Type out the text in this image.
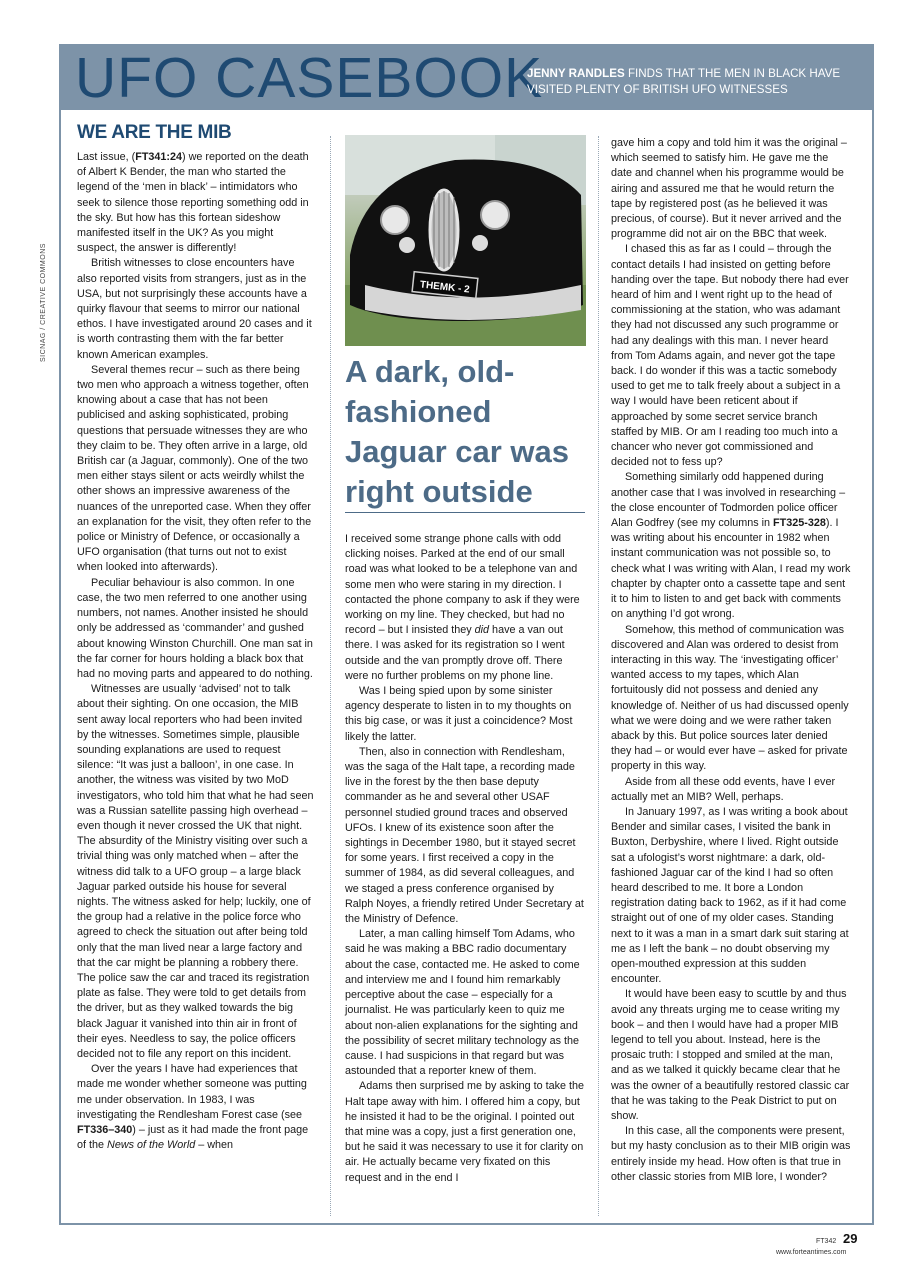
UFO CASEBOOK
JENNY RANDLES FINDS THAT THE MEN IN BLACK HAVE VISITED PLENTY OF BRITISH UFO WITNESSES
SICNAG / CREATIVE COMMONS
WE ARE THE MIB

Last issue, (FT341:24) we reported on the death of Albert K Bender, the man who started the legend of the ‘men in black’ – intimidators who seek to silence those reporting something odd in the sky. But how has this fortean sideshow manifested itself in the UK? As you might suspect, the answer is differently!

British witnesses to close encounters have also reported visits from strangers, just as in the USA, but not surprisingly these accounts have a quirky flavour that seems to mirror our national ethos. I have investigated around 20 cases and it is worth contrasting them with the far better known American examples.

Several themes recur – such as there being two men who approach a witness together, often knowing about a case that has not been publicised and asking sophisticated, probing questions that persuade witnesses they are who they claim to be. They often arrive in a large, old British car (a Jaguar, commonly). One of the two men either stays silent or acts weirdly whilst the other shows an impressive awareness of the nuances of the unreported case. When they offer an explanation for the visit, they often refer to the police or Ministry of Defence, or occasionally a UFO organisation (that turns out not to exist when looked into afterwards).

Peculiar behaviour is also common. In one case, the two men referred to one another using numbers, not names. Another insisted he should only be addressed as ‘commander’ and gushed about knowing Winston Churchill. One man sat in the far corner for hours holding a black box that had no moving parts and appeared to do nothing.

Witnesses are usually ‘advised’ not to talk about their sighting. On one occasion, the MIB sent away local reporters who had been invited by the witnesses. Sometimes simple, plausible sounding explanations are used to request silence: “It was just a balloon’, in one case. In another, the witness was visited by two MoD investigators, who told him that what he had seen was a Russian satellite passing high overhead – even though it never crossed the UK that night. The absurdity of the Ministry visiting over such a trivial thing was only matched when – after the witness did talk to a UFO group – a large black Jaguar parked outside his house for several nights. The witness asked for help; luckily, one of the group had a relative in the police force who agreed to check the situation out after being told only that the man lived near a large factory and that the car might be planning a robbery there. The police saw the car and traced its registration plate as false. They were told to get details from the driver, but as they walked towards the big black Jaguar it vanished into thin air in front of their eyes. Needless to say, the police officers decided not to file any report on this incident.

Over the years I have had experiences that made me wonder whether someone was putting me under observation. In 1983, I was investigating the Rendlesham Forest case (see FT336–340) – just as it had made the front page of the News of the World – when

THEMK - 2
A dark, old-fashioned Jaguar car was right outside

I received some strange phone calls with odd clicking noises. Parked at the end of our small road was what looked to be a telephone van and some men who were staring in my direction. I contacted the phone company to ask if they were working on my line. They checked, but had no record – but I insisted they did have a van out there. I was asked for its registration so I went outside and the van promptly drove off. There were no further problems on my phone line.

Was I being spied upon by some sinister agency desperate to listen in to my thoughts on this big case, or was it just a coincidence? Most likely the latter.

Then, also in connection with Rendlesham, was the saga of the Halt tape, a recording made live in the forest by the then base deputy commander as he and several other USAF personnel studied ground traces and observed UFOs. I knew of its existence soon after the sightings in December 1980, but it stayed secret for some years. I first received a copy in the summer of 1984, as did several colleagues, and we staged a press conference organised by Ralph Noyes, a friendly retired Under Secretary at the Ministry of Defence.

Later, a man calling himself Tom Adams, who said he was making a BBC radio documentary about the case, contacted me. He asked to come and interview me and I found him remarkably perceptive about the case – especially for a journalist. He was particularly keen to quiz me about non-alien explanations for the sighting and the possibility of secret military technology as the cause. I had suspicions in that regard but was astounded that a reporter knew of them.

Adams then surprised me by asking to take the Halt tape away with him. I offered him a copy, but he insisted it had to be the original. I pointed out that mine was a copy, just a first generation one, but he said it was necessary to use it for clarity on air. He actually became very fixated on this request and in the end I

gave him a copy and told him it was the original – which seemed to satisfy him. He gave me the date and channel when his programme would be airing and assured me that he would return the tape by registered post (as he believed it was precious, of course). But it never arrived and the programme did not air on the BBC that week.

I chased this as far as I could – through the contact details I had insisted on getting before handing over the tape. But nobody there had ever heard of him and I went right up to the head of commissioning at the station, who was adamant they had not discussed any such programme or had any dealings with this man. I never heard from Tom Adams again, and never got the tape back. I do wonder if this was a tactic somebody used to get me to talk freely about a subject in a way I would have been reticent about if approached by some secret service branch staffed by MIB. Or am I reading too much into a chancer who never got commissioned and decided not to fess up?

Something similarly odd happened during another case that I was involved in researching – the close encounter of Todmorden police officer Alan Godfrey (see my columns in FT325-328). I was writing about his encounter in 1982 when instant communication was not possible so, to check what I was writing with Alan, I read my work chapter by chapter onto a cassette tape and sent it to him to listen to and get back with comments on anything I’d got wrong.

Somehow, this method of communication was discovered and Alan was ordered to desist from interacting in this way. The ‘investigating officer’ wanted access to my tapes, which Alan fortuitously did not possess and denied any knowledge of. Neither of us had discussed openly what we were doing and we were rather taken aback by this. But police sources later denied they had – or would ever have – asked for private property in this way.

Aside from all these odd events, have I ever actually met an MIB? Well, perhaps.

In January 1997, as I was writing a book about Bender and similar cases, I visited the bank in Buxton, Derbyshire, where I lived. Right outside sat a ufologist’s worst nightmare: a dark, old-fashioned Jaguar car of the kind I had so often heard described to me. It bore a London registration dating back to 1962, as if it had come straight out of one of my older cases. Standing next to it was a man in a smart dark suit staring at me as I left the bank – no doubt observing my open-mouthed expression at this sudden encounter.

It would have been easy to scuttle by and thus avoid any threats urging me to cease writing my book – and then I would have had a proper MIB legend to tell you about. Instead, here is the prosaic truth: I stopped and smiled at the man, and as we talked it quickly became clear that he was the owner of a beautifully restored classic car that he was taking to the Peak District to put on show.

In this case, all the components were present, but my hasty conclusion as to their MIB origin was entirely inside my head. How often is that true in other classic stories from MIB lore, I wonder?

FT342 29
www.forteantimes.com
